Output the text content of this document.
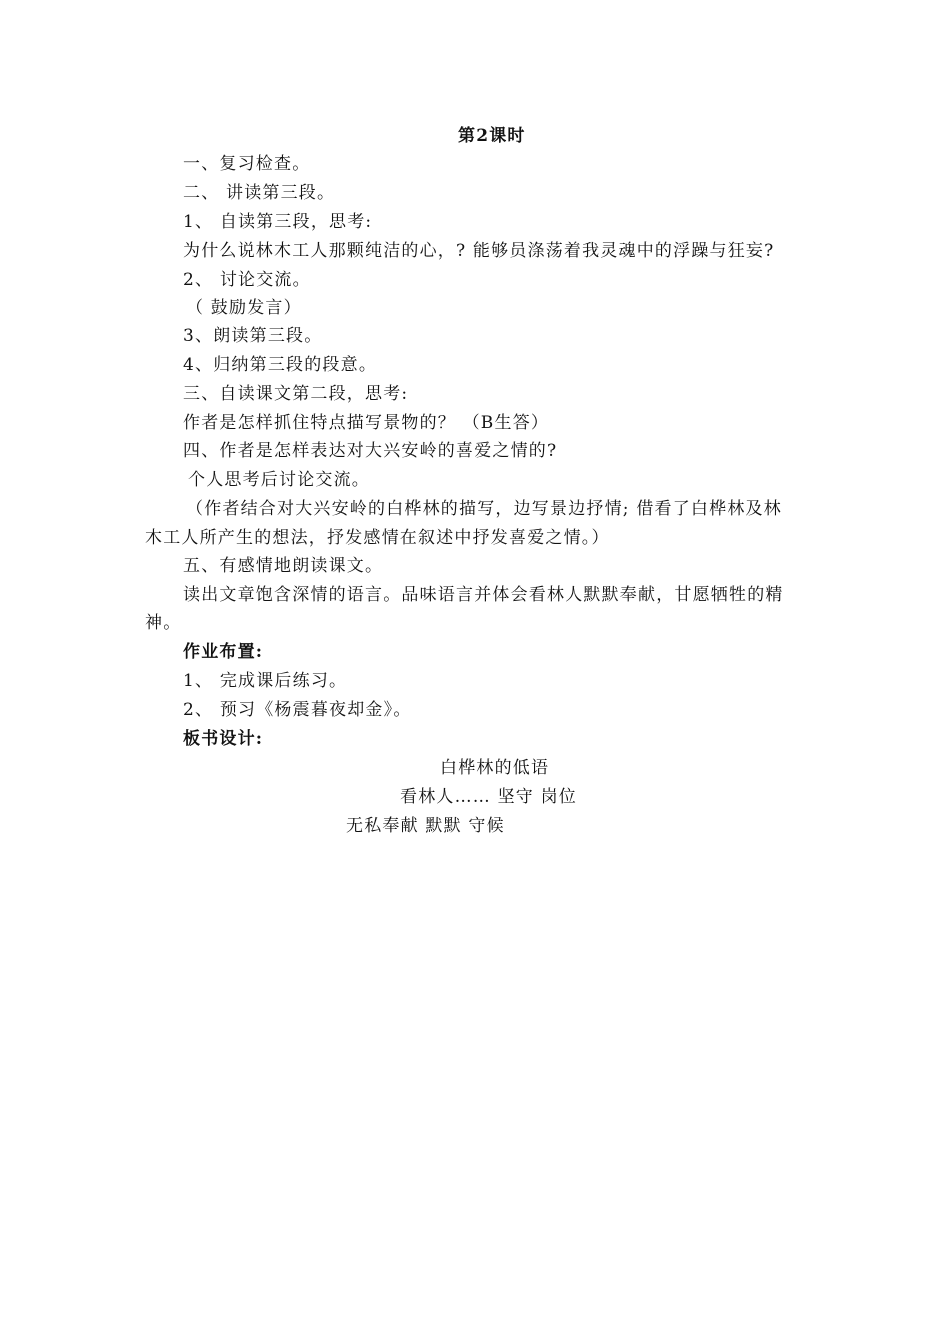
第2课时
一、复习检查。
二、 讲读第三段。
1、 自读第三段，思考:
为什么说林木工人那颗纯洁的心，? 能够员涤荡着我灵魂中的浮躁与狂妄?
2、 讨论交流。
（ 鼓励发言）
3、朗读第三段。
4、归纳第三段的段意。
三、自读课文第二段，思考:
作者是怎样抓住特点描写景物的？ （B生答）
四、作者是怎样表达对大兴安岭的喜爱之情的?
个人思考后讨论交流。
（作者结合对大兴安岭的白桦林的描写，边写景边抒情; 借看了白桦林及林
木工人所产生的想法，抒发感情在叙述中抒发喜爱之情。）
五、有感情地朗读课文。
读出文章饱含深情的语言。品味语言并体会看林人默默奉献，甘愿牺牲的精
神。
作业布置:
1、 完成课后练习。
2、 预习《杨震暮夜却金》。
板书设计:
白桦林的低语
看林人…… 坚守 岗位
无私奉献 默默 守候
